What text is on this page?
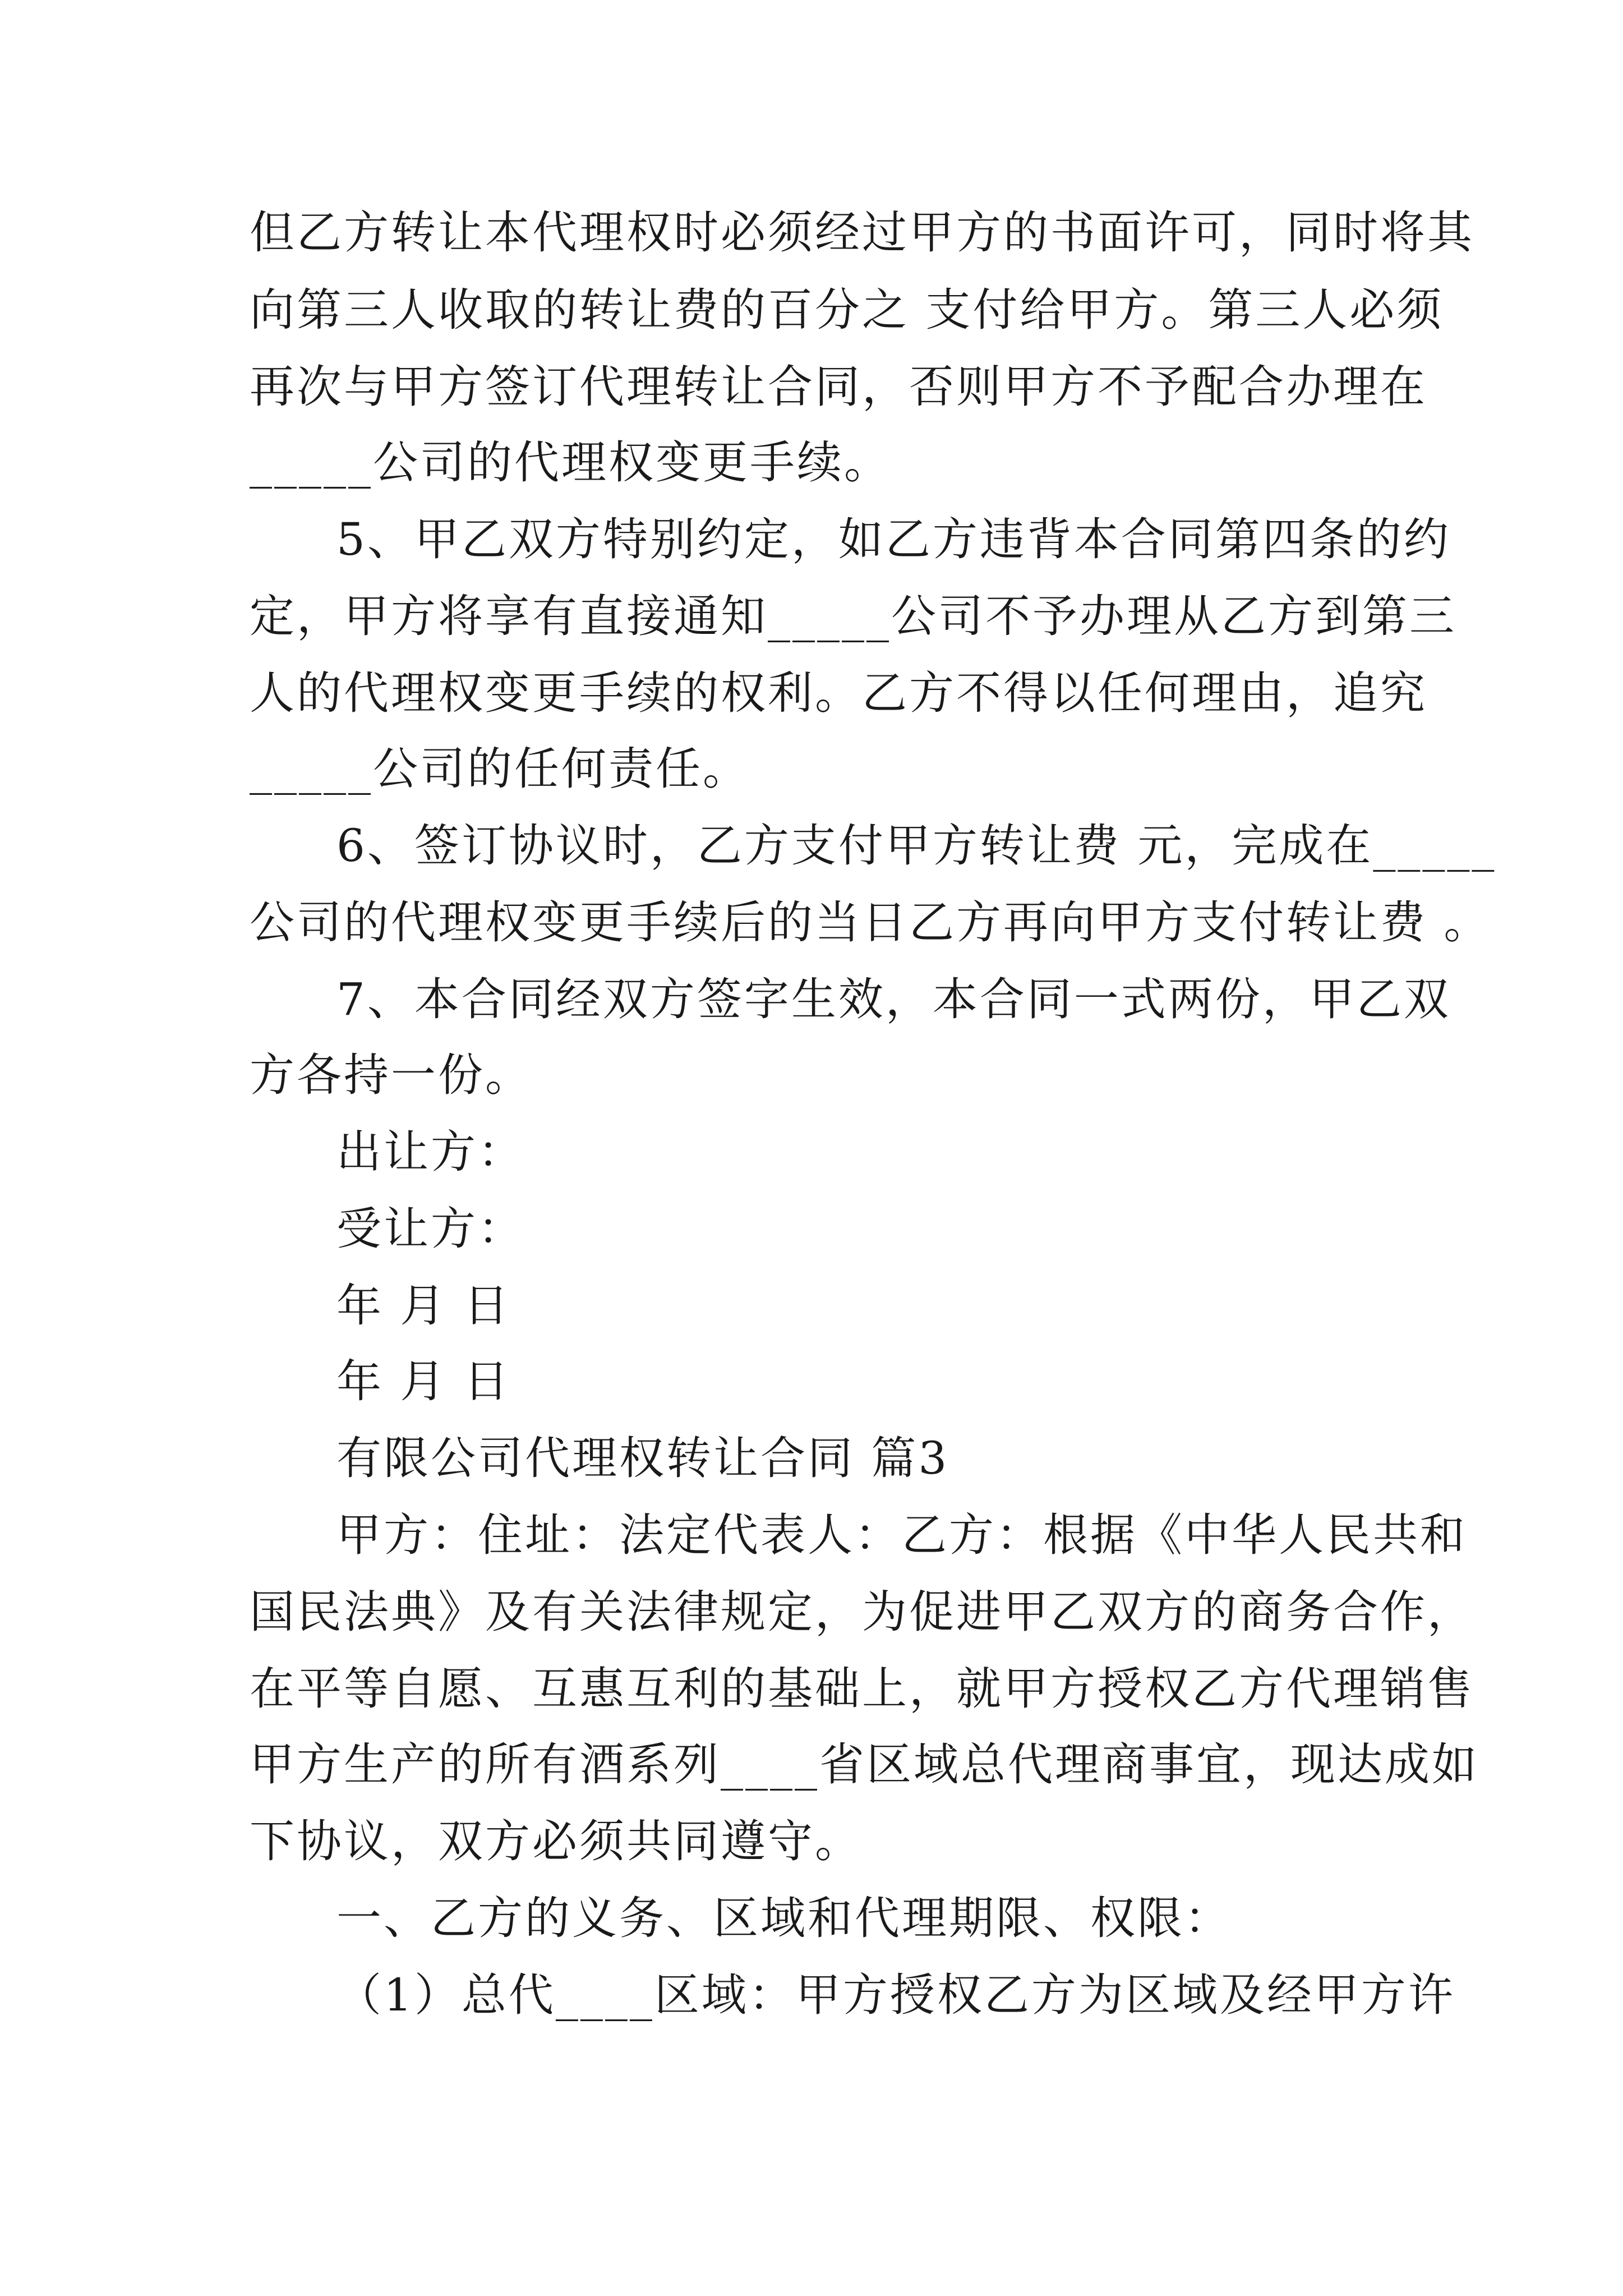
但乙方转让本代理权时必须经过甲方的书面许可，同时将其
向第三人收取的转让费的百分之 支付给甲方。第三人必须
再次与甲方签订代理转让合同，否则甲方不予配合办理在
_____公司的代理权变更手续。
5、甲乙双方特别约定，如乙方违背本合同第四条的约
定，甲方将享有直接通知_____公司不予办理从乙方到第三
人的代理权变更手续的权利。乙方不得以任何理由，追究
_____公司的任何责任。
6、签订协议时，乙方支付甲方转让费 元，完成在_____
公司的代理权变更手续后的当日乙方再向甲方支付转让费 。
7、本合同经双方签字生效，本合同一式两份，甲乙双
方各持一份。
出让方：
受让方：
年 月 日
年 月 日
有限公司代理权转让合同 篇3
甲方：住址：法定代表人：乙方：根据《中华人民共和
国民法典》及有关法律规定，为促进甲乙双方的商务合作，
在平等自愿、互惠互利的基础上，就甲方授权乙方代理销售
甲方生产的所有酒系列____省区域总代理商事宜，现达成如
下协议，双方必须共同遵守。
一、乙方的义务、区域和代理期限、权限：
（1）总代____区域：甲方授权乙方为区域及经甲方许
